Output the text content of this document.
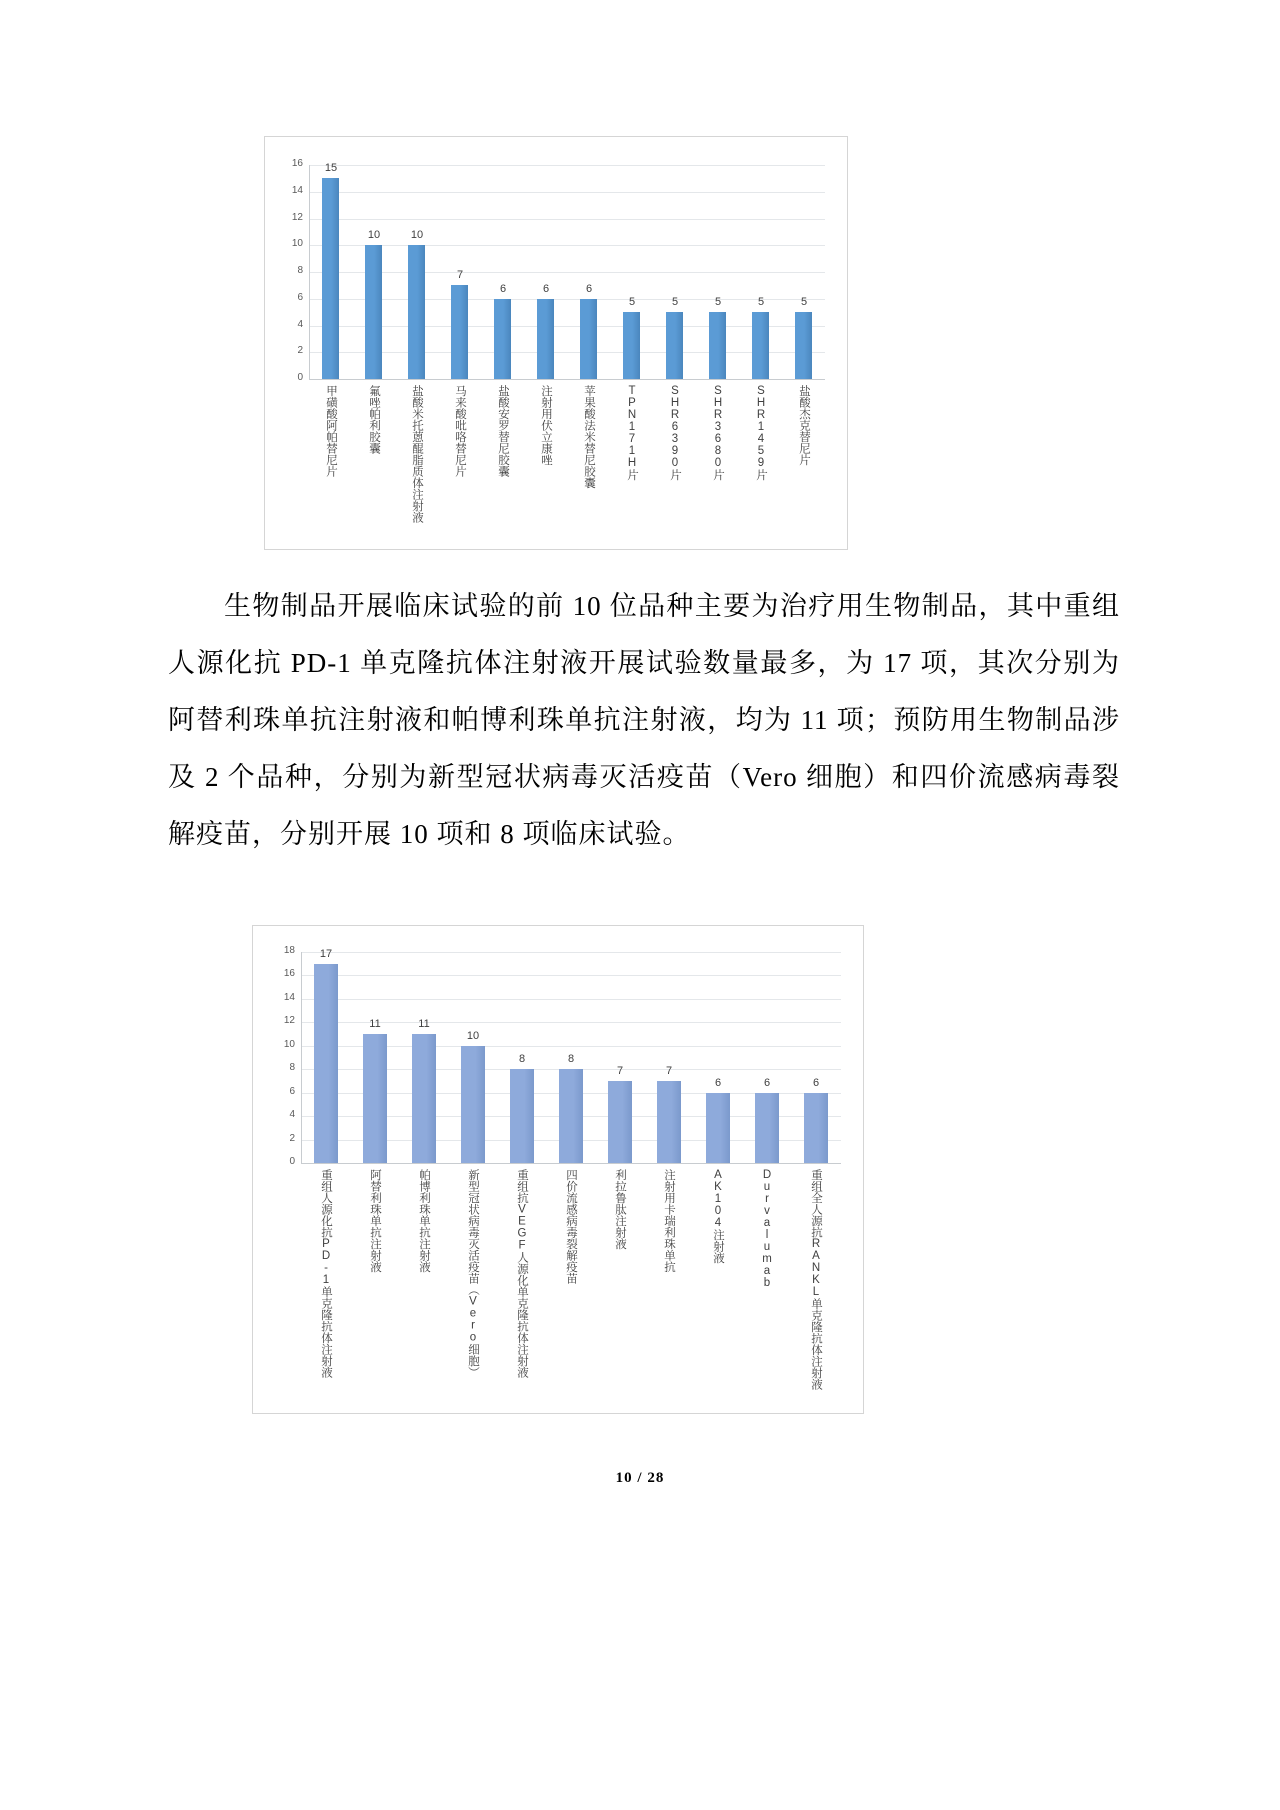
0
2
4
6
8
10
12
14
16	15
甲磺酸阿帕替尼片
10
氟唑帕利胶囊
10
盐酸米托蒽醌脂质体注射液
7
马来酸吡咯替尼片
6
盐酸安罗替尼胶囊
6
注射用伏立康唑
6
苹果酸法米替尼胶囊
5
TPN171H片
5
SHR6390片
5
SHR3680片
5
SHR1459片
5
盐酸杰克替尼片
生物制品开展临床试验的前 10 位品种主要为治疗用生物制品，其中重组人源化抗 PD-1 单克隆抗体注射液开展试验数量最多，为 17 项，其次分别为阿替利珠单抗注射液和帕博利珠单抗注射液，均为 11 项；预防用生物制品涉及 2 个品种，分别为新型冠状病毒灭活疫苗（Vero 细胞）和四价流感病毒裂解疫苗，分别开展 10 项和 8 项临床试验。
0
2
4
6
8
10
12
14
16
18	17
重组人源化抗PD-1单克隆抗体注射液
11
阿替利珠单抗注射液
11
帕博利珠单抗注射液
10
新型冠状病毒灭活疫苗（Vero细胞）
8
重组抗VEGF人源化单克隆抗体注射液
8
四价流感病毒裂解疫苗
7
利拉鲁肽注射液
7
注射用卡瑞利珠单抗
6
AK104注射液
6
Durvalumab
6
重组全人源抗RANKL单克隆抗体注射液
10 / 28
